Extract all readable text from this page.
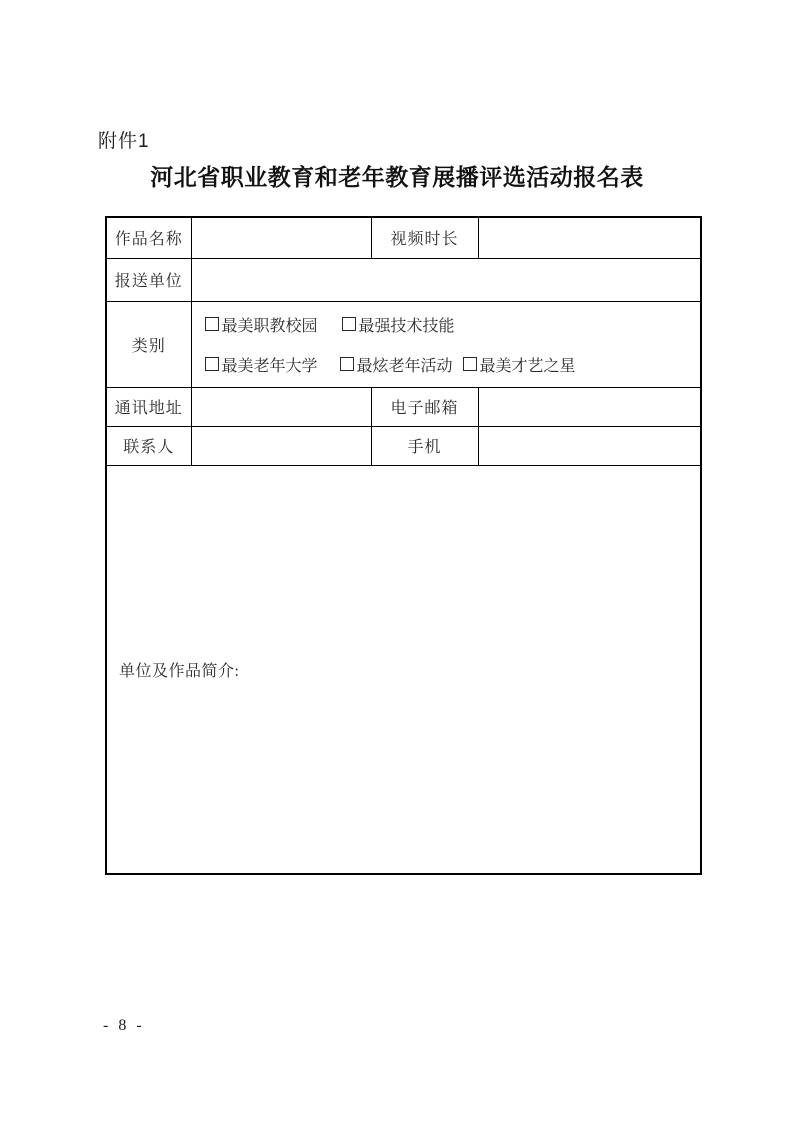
附件1
河北省职业教育和老年教育展播评选活动报名表
作品名称		视频时长	
报送单位			
类别	最美职教校园 最强技术技能
最美老年大学 最炫老年活动 最美才艺之星		

通讯地址		电子邮箱	
联系人		手机	
单位及作品简介:			
- 8 -
